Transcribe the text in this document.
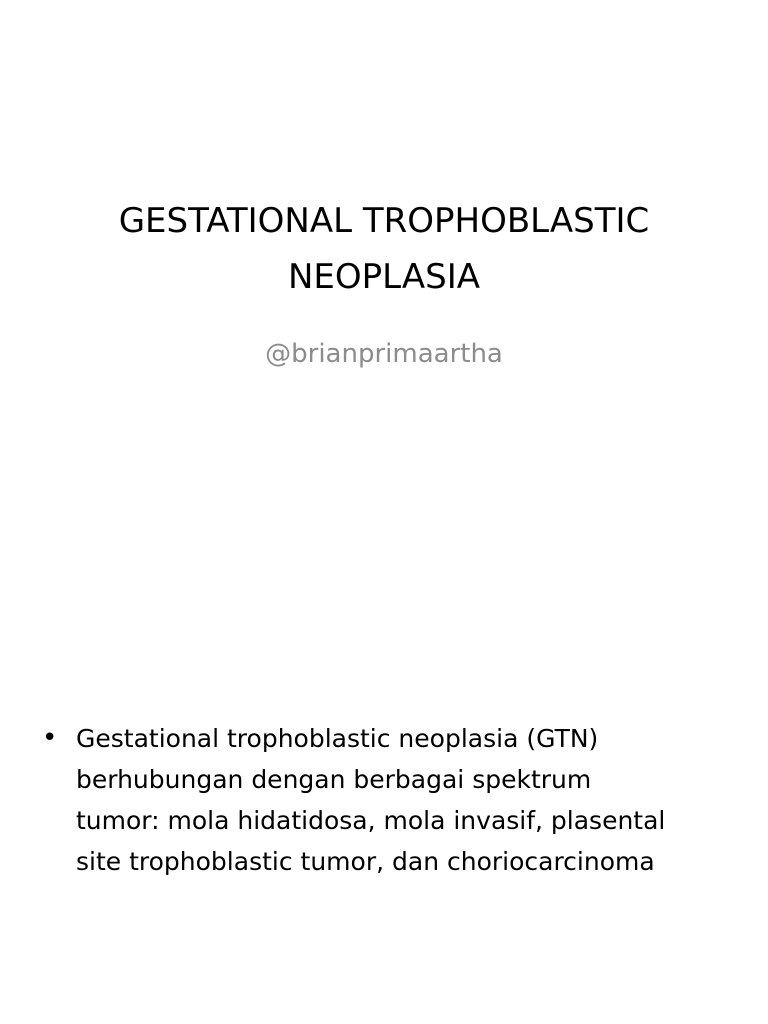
GESTATIONAL TROPHOBLASTIC
NEOPLASIA
@brianprimaartha
• Gestational trophoblastic neoplasia (GTN)
berhubungan dengan berbagai spektrum
tumor: mola hidatidosa, mola invasif, plasental
site trophoblastic tumor, dan choriocarcinoma
